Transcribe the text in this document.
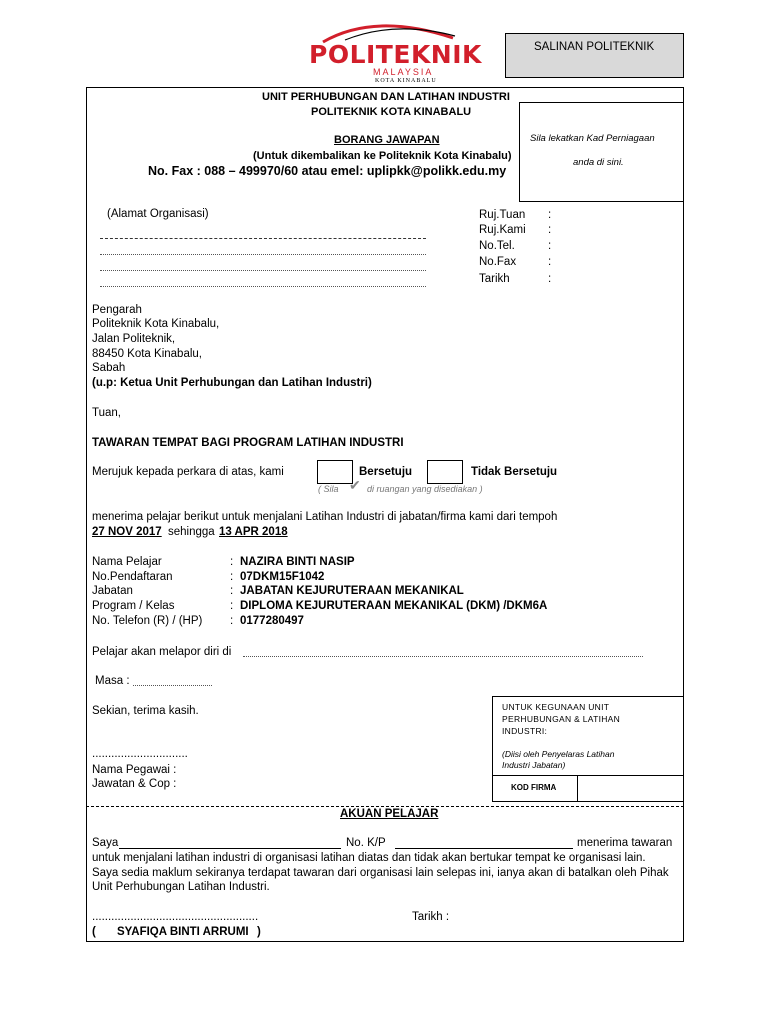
POLITEKNIK
MALAYSIA
KOTA KINABALU
SALINAN POLITEKNIK
UNIT PERHUBUNGAN DAN LATIHAN INDUSTRI
POLITEKNIK KOTA KINABALU
BORANG JAWAPAN
(Untuk dikembalikan ke Politeknik Kota Kinabalu)
No. Fax : 088 – 499970/60 atau emel: uplipkk@polikk.edu.my
Sila lekatkan Kad Perniagaan
anda di sini.
(Alamat Organisasi)	Ruj.Tuan :
Ruj.Kami :
No.Tel.	:
No.Fax	:
Tarikh	:
Pengarah
Politeknik Kota Kinabalu,
Jalan Politeknik,
88450 Kota Kinabalu,
Sabah
(u.p: Ketua Unit Perhubungan dan Latihan Industri)
Tuan,
TAWARAN TEMPAT BAGI PROGRAM LATIHAN INDUSTRI
Merujuk kepada perkara di atas, kami	Bersetuju	Tidak Bersetuju
( Sila ✔ di ruangan yang disediakan )
menerima pelajar berikut untuk menjalani Latihan Industri di jabatan/firma kami dari tempoh
27 NOV 2017 sehingga 13 APR 2018
Nama Pelajar	: NAZIRA BINTI NASIP
No.Pendaftaran	: 07DKM15F1042
Jabatan	: JABATAN KEJURUTERAAN MEKANIKAL
Program / Kelas	: DIPLOMA KEJURUTERAAN MEKANIKAL (DKM) /DKM6A
No. Telefon (R) / (HP) : 0177280497
Pelajar akan melapor diri di
Masa :
Sekian, terima kasih.
..............................
Nama Pegawai :
Jawatan & Cop :
UNTUK KEGUNAAN UNIT
PERHUBUNGAN & LATIHAN
INDUSTRI:
(Diisi oleh Penyelaras Latihan
Industri Jabatan)
KOD FIRMA
AKUAN PELAJAR
Saya	No. K/P	menerima tawaran
untuk menjalani latihan industri di organisasi latihan diatas dan tidak akan bertukar tempat ke organisasi lain.
Saya sedia maklum sekiranya terdapat tawaran dari organisasi lain selepas ini, ianya akan di batalkan oleh Pihak
Unit Perhubungan Latihan Industri.
....................................................	Tarikh :
( SYAFIQA BINTI ARRUMI )
